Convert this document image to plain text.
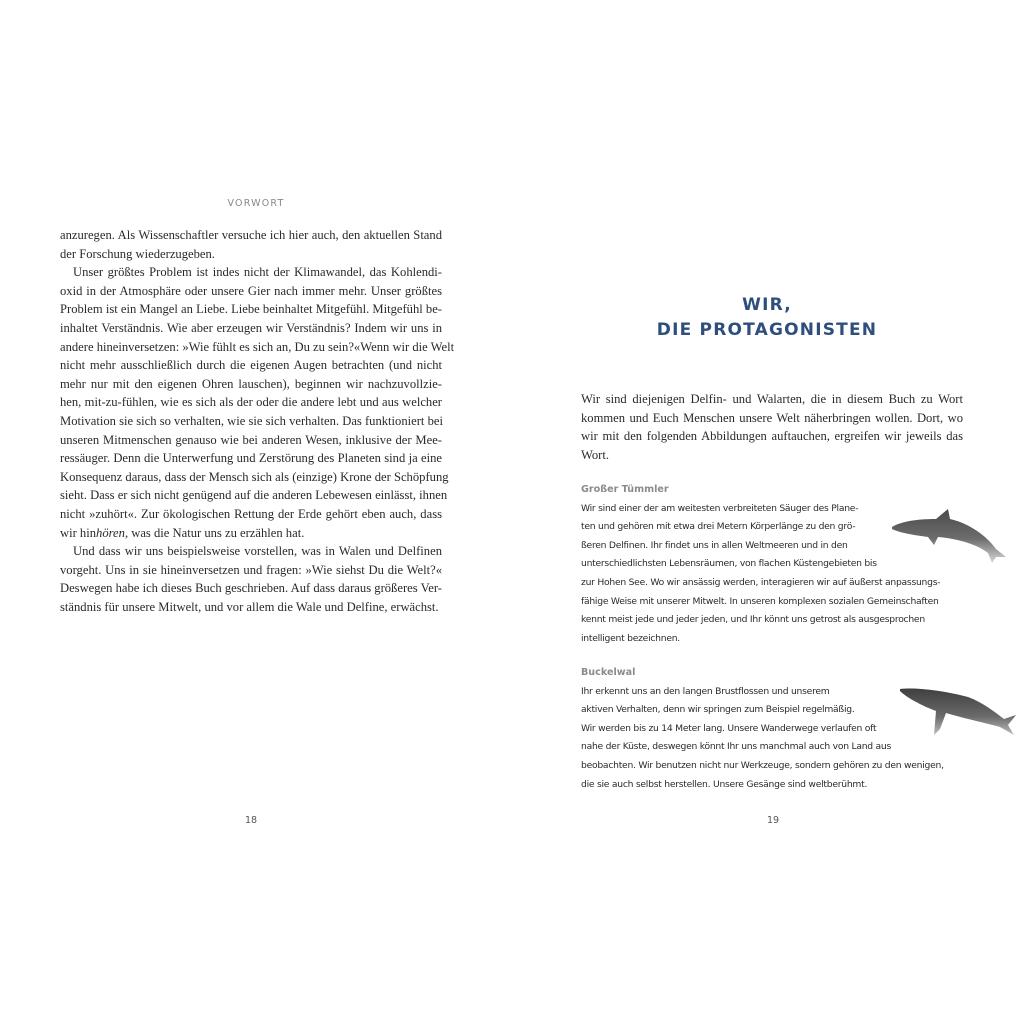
VORWORT
anzuregen. Als Wissenschaftler versuche ich hier auch, den aktuellen Stand
der Forschung wiederzugeben.
Unser größtes Problem ist indes nicht der Klimawandel, das Kohlendi-
oxid in der Atmosphäre oder unsere Gier nach immer mehr. Unser größtes
Problem ist ein Mangel an Liebe. Liebe beinhaltet Mitgefühl. Mitgefühl be-
inhaltet Verständnis. Wie aber erzeugen wir Verständnis? Indem wir uns in
andere hineinversetzen: »Wie fühlt es sich an, Du zu sein?«Wenn wir die Welt
nicht mehr ausschließlich durch die eigenen Augen betrachten (und nicht
mehr nur mit den eigenen Ohren lauschen), beginnen wir nachzuvollzie-
hen, mit-zu-fühlen, wie es sich als der oder die andere lebt und aus welcher
Motivation sie sich so verhalten, wie sie sich verhalten. Das funktioniert bei
unseren Mitmenschen genauso wie bei anderen Wesen, inklusive der Mee-
ressäuger. Denn die Unterwerfung und Zerstörung des Planeten sind ja eine
Konsequenz daraus, dass der Mensch sich als (einzige) Krone der Schöpfung
sieht. Dass er sich nicht genügend auf die anderen Lebewesen einlässt, ihnen
nicht »zuhört«. Zur ökologischen Rettung der Erde gehört eben auch, dass
wir hinhören, was die Natur uns zu erzählen hat.
Und dass wir uns beispielsweise vorstellen, was in Walen und Delfinen
vorgeht. Uns in sie hineinversetzen und fragen: »Wie siehst Du die Welt?«
Deswegen habe ich dieses Buch geschrieben. Auf dass daraus größeres Ver-
ständnis für unsere Mitwelt, und vor allem die Wale und Delfine, erwächst.
18
WIR,
DIE PROTAGONISTEN
Wir sind diejenigen Delfin- und Walarten, die in diesem Buch zu Wort
kommen und Euch Menschen unsere Welt näherbringen wollen. Dort, wo
wir mit den folgenden Abbildungen auftauchen, ergreifen wir jeweils das
Wort.
Großer Tümmler
Wir sind einer der am weitesten verbreiteten Säuger des Plane-
ten und gehören mit etwa drei Metern Körperlänge zu den grö-
ßeren Delfinen. Ihr findet uns in allen Weltmeeren und in den
unterschiedlichsten Lebensräumen, von flachen Küstengebieten bis
zur Hohen See. Wo wir ansässig werden, interagieren wir auf äußerst anpassungs-
fähige Weise mit unserer Mitwelt. In unseren komplexen sozialen Gemeinschaften
kennt meist jede und jeder jeden, und Ihr könnt uns getrost als ausgesprochen
intelligent bezeichnen.
Buckelwal
Ihr erkennt uns an den langen Brustflossen und unserem
aktiven Verhalten, denn wir springen zum Beispiel regelmäßig.
Wir werden bis zu 14 Meter lang. Unsere Wanderwege verlaufen oft
nahe der Küste, deswegen könnt Ihr uns manchmal auch von Land aus
beobachten. Wir benutzen nicht nur Werkzeuge, sondern gehören zu den wenigen,
die sie auch selbst herstellen. Unsere Gesänge sind weltberühmt.
19
